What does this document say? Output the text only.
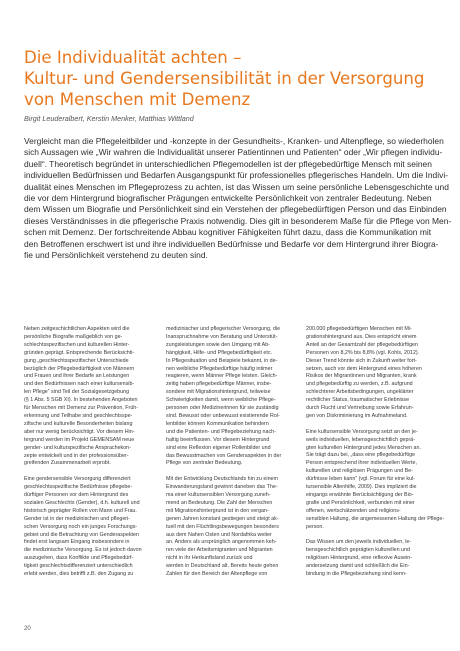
Die Individualität achten –
Kultur- und Gendersensibilität in der Versorgung
von Menschen mit Demenz

Birgit Leuderalbert, Kerstin Menker, Matthias Wittland

Vergleicht man die Pflegeleitbilder und -konzepte in der Gesundheits-, Kranken- und Altenpflege, so wiederholen
sich Aussagen wie „Wir wahren die Individualität unserer Patientinnen und Patienten“ oder „Wir pflegen individu-
duell“. Theoretisch begründet in unterschiedlichen Pflegemodellen ist der pflegebedürftige Mensch mit seinen
individuellen Bedürfnissen und Bedarfen Ausgangspunkt für professionelles pflegerisches Handeln. Um die Indivi-
dualität eines Menschen im Pflegeprozess zu achten, ist das Wissen um seine persönliche Lebensgeschichte und
die vor dem Hintergrund biografischer Prägungen entwickelte Persönlichkeit von zentraler Bedeutung. Neben
dem Wissen um Biografie und Persönlichkeit sind ein Verstehen der pflegebedürftigen Person und das Einbinden
dieses Verständnisses in die pflegerische Praxis notwendig. Dies gilt in besonderem Maße für die Pflege von Men-
schen mit Demenz. Der fortschreitende Abbau kognitiver Fähigkeiten führt dazu, dass die Kommunikation mit
den Betroffenen erschwert ist und ihre individuellen Bedürfnisse und Bedarfe vor dem Hintergrund ihrer Biogra-
fie und Persönlichkeit verstehend zu deuten sind.
Neben zeitgeschichtlichen Aspekten wird die
persönliche Biografie maßgeblich von ge-
schlechtsspezifischen und kulturellen Hinter-
gründen geprägt. Entsprechende Berücksichti-
gung „geschlechtsspezifischer Unterschiede
bezüglich der Pflegebedürftigkeit von Männern
und Frauen und ihrer Bedarfe an Leistungen
und den Bedürfnissen nach einer kultursensib-
len Pflege“ sind Teil der Sozialgesetzgebung
(§ 1 Abs. 5 SGB XI). In bestehenden Angeboten
für Menschen mit Demenz zur Prävention, Früh-
erkennung und Teilhabe sind geschlechtsspe-
zifische und kulturelle Besonderheiten bislang
aber nur wenig berücksichtigt. Vor diesem Hin-
tergrund werden im Projekt GEMENSAM neue
gender- und kulturspezifische Ansprachekon-
zepte entwickelt und in der professionsüber-
greifenden Zusammenarbeit erprobt.
Eine gendersensible Versorgung differenziert
geschlechtsspezifische Bedürfnisse pflegebe-
dürftiger Personen vor dem Hintergrund des
sozialen Geschlechts (Gender), d.h. kulturell und
historisch geprägter Rollen von Mann und Frau.
Gender ist in der medizinischen und pflegeri-
schen Versorgung noch ein junges Forschungs-
gebiet und die Betrachtung von Genderaspekten
findet erst langsam Eingang insbesondere in
die medizinische Versorgung. Es ist jedoch davon
auszugehen, dass Konflikte und Pflegebedürf-
tigkeit geschlechtsdifferenziert unterschiedlich
erlebt werden, dies betrifft z.B. den Zugang zu
medizinischer und pflegerischer Versorgung, die
Inanspruchnahme von Beratung und Unterstüt-
zungsleistungen sowie den Umgang mit Ab-
hängigkeit, Hilfe- und Pflegebedürftigkeit etc.
In Pflegesituation und Beispiele bekannt, in de-
nen weibliche Pflegebedürftige häufig intimer
reagieren, wenn Männer Pflege leisten. Gleich-
zeitig haben pflegebedürftige Männer, insbe-
sondere mit Migrationshintergrund, teilweise
Schwierigkeiten damit, wenn weibliche Pflege-
personen oder Medizinerinnen für sie zuständig
sind. Bewusst oder unbewusst existierende Rol-
lenbilder können Kommunikation behindern
und die Patienten- und Pflegebeziehung nach-
haltig beeinflussen. Vor diesem Hintergrund
sind eine Reflexion eigener Rollenbilder und
das Bewusstmachen von Genderaspekten in der
Pflege von zentraler Bedeutung.
Mit der Entwicklung Deutschlands hin zu einem
Einwanderungsland gewinnt daneben das The-
ma einer kultursensiblen Versorgung zuneh-
mend an Bedeutung. Die Zahl der Menschen
mit Migrationshintergrund ist in den vergan-
genen Jahren konstant gestiegen und steigt ak-
tuell mit den Flüchtlingsbewegungen besonders
aus dem Nahen Osten und Nordafrika weiter
an. Anders als ursprünglich angenommen keh-
ren viele der Arbeitsmigranten und Migranten
nicht in ihr Herkunftsland zurück und
werden in Deutschland alt. Bereits heute gehen
Zahlen für den Bereich der Altenpflege von
200.000 pflegebedürftigen Menschen mit Mi-
grationshintergrund aus. Dies entspricht einem
Anteil an der Gesamtzahl der pflegebedürftigen
Personen von 8,2% bis 8,8% (vgl. Kohls, 2012).
Dieser Trend könnte sich in Zukunft weiter fort-
setzen, auch vor dem Hintergrund eines höheren
Risikos der Migrantinnen und Migranten, krank
und pflegebedürftig zu werden, z.B. aufgrund
schlechterer Arbeitsbedingungen, ungeklärter
rechtlicher Status, traumatischer Erlebnisse
durch Flucht und Vertreibung sowie Erfahrun-
gen von Diskriminierung im Aufnahmeland.
Eine kultursensible Versorgung setzt an den je-
weils individuellen, lebensgeschichtlich geprä-
gten kulturellen Hintergrund jedes Menschen an.
Sie trägt dazu bei, „dass eine pflegebedürftige
Person entsprechend ihrer individuellen Werte,
kulturellen und religiösen Prägungen und Be-
dürfnisse leben kann“ (vgl. Forum für eine kul-
tursensible Altenhilfe, 2009). Dies impliziert die
eingangs erwähnte Berücksichtigung der Bio-
grafie und Persönlichkeit, verbunden mit einer
offenen, wertschätzenden und religions-
sensiblen Haltung, die angemessenen Haltung der Pflege-
person.
Das Wissen um den jeweils individuellen, le-
bensgeschichtlich geprägten kulturellen und
religiösen Hintergrund, eine reflexive Ausein-
andersetzung damit und schließlich die Ein-
bindung in die Pflegebeziehung sind kenn-

20
